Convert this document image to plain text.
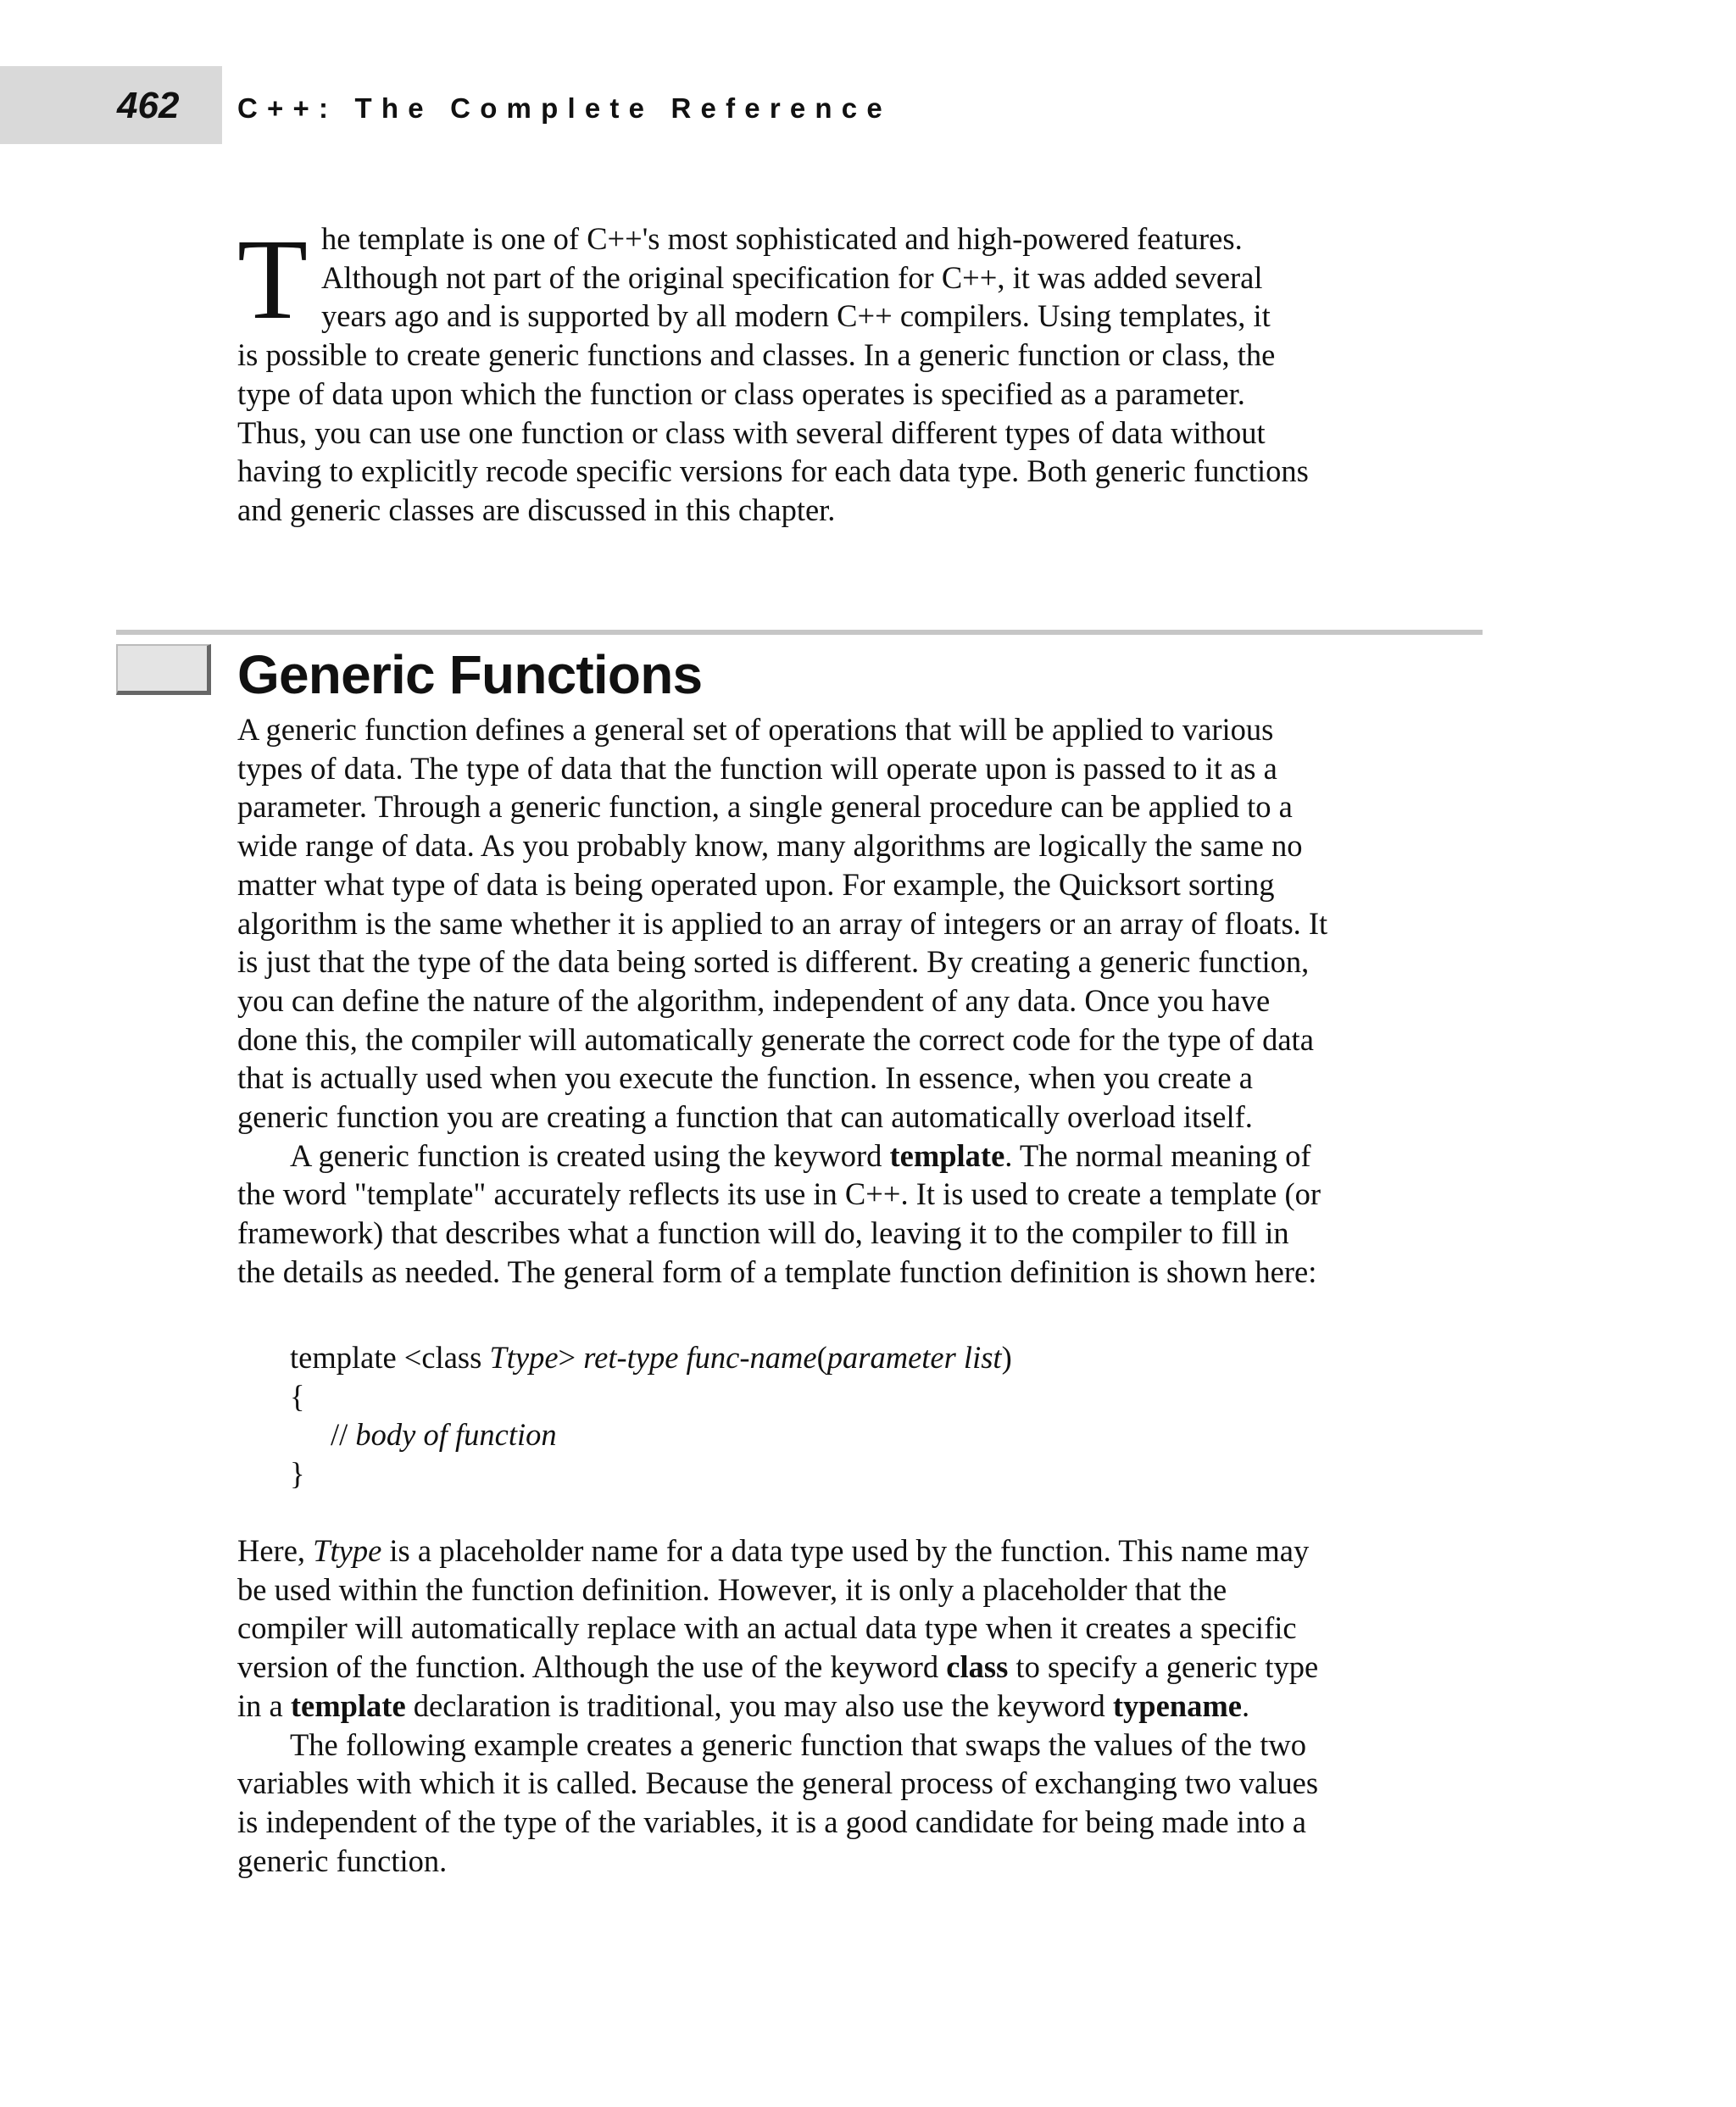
462 C++: The Complete Reference
T he template is one of C++'s most sophisticated and high-powered features.
Although not part of the original specification for C++, it was added several
years ago and is supported by all modern C++ compilers. Using templates, it
is possible to create generic functions and classes. In a generic function or class, the
type of data upon which the function or class operates is specified as a parameter.
Thus, you can use one function or class with several different types of data without
having to explicitly recode specific versions for each data type. Both generic functions
and generic classes are discussed in this chapter.
Generic Functions
A generic function defines a general set of operations that will be applied to various
types of data. The type of data that the function will operate upon is passed to it as a
parameter. Through a generic function, a single general procedure can be applied to a
wide range of data. As you probably know, many algorithms are logically the same no
matter what type of data is being operated upon. For example, the Quicksort sorting
algorithm is the same whether it is applied to an array of integers or an array of floats. It
is just that the type of the data being sorted is different. By creating a generic function,
you can define the nature of the algorithm, independent of any data. Once you have
done this, the compiler will automatically generate the correct code for the type of data
that is actually used when you execute the function. In essence, when you create a
generic function you are creating a function that can automatically overload itself.
A generic function is created using the keyword template. The normal meaning of
the word "template" accurately reflects its use in C++. It is used to create a template (or
framework) that describes what a function will do, leaving it to the compiler to fill in
the details as needed. The general form of a template function definition is shown here:
template <class Ttype> ret-type func-name(parameter list)
{
// body of function
}
Here, Ttype is a placeholder name for a data type used by the function. This name may
be used within the function definition. However, it is only a placeholder that the
compiler will automatically replace with an actual data type when it creates a specific
version of the function. Although the use of the keyword class to specify a generic type
in a template declaration is traditional, you may also use the keyword typename.
The following example creates a generic function that swaps the values of the two
variables with which it is called. Because the general process of exchanging two values
is independent of the type of the variables, it is a good candidate for being made into a
generic function.
